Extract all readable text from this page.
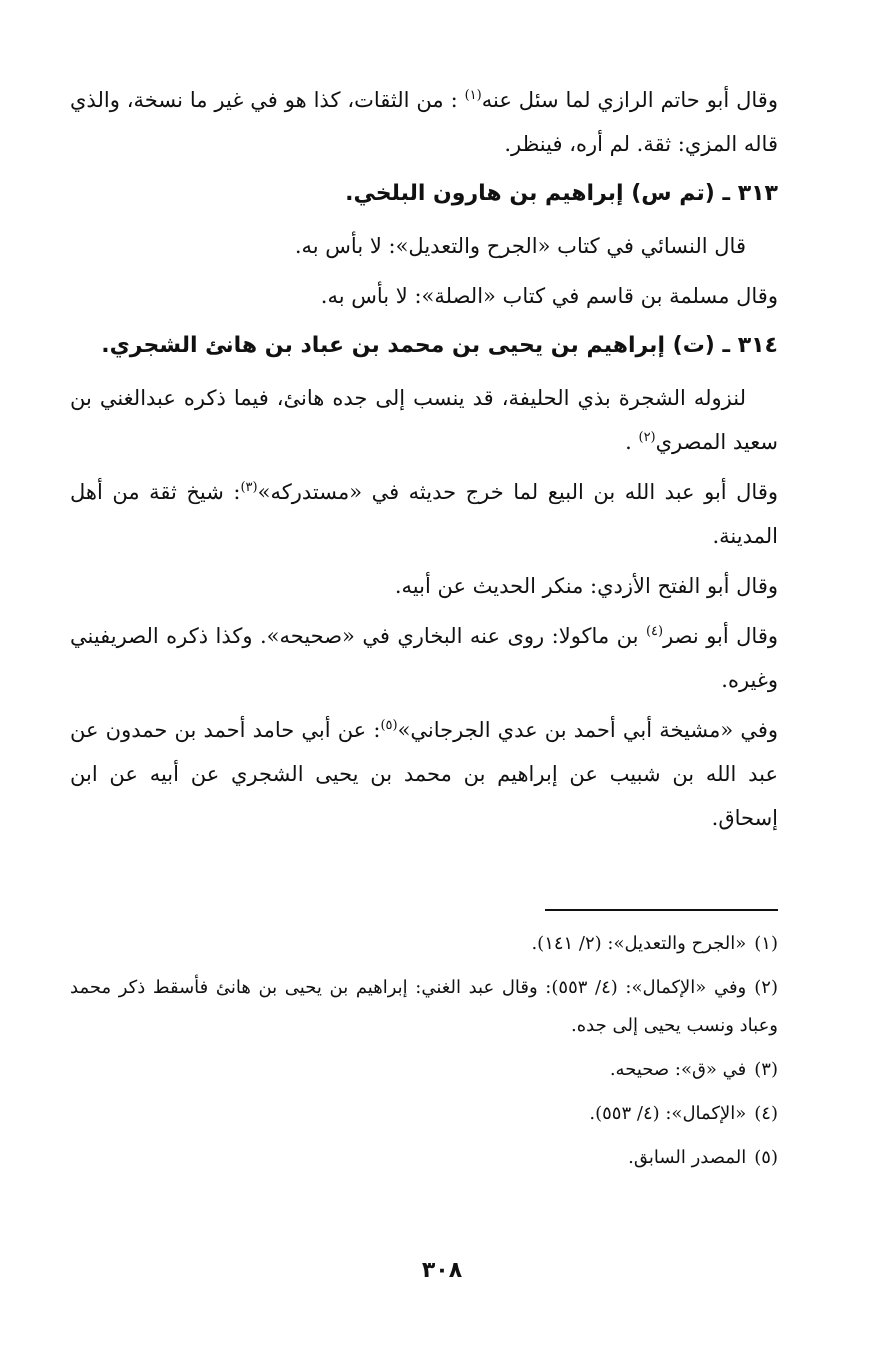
وقال أبو حاتم الرازي لما سئل عنه$^{(١)}$ : من الثقات، كذا هو في غير ما نسخة، والذي قاله المزي: ثقة. لم أره، فينظر.

٣١٣ ـ (تم س) إبراهيم بن هارون البلخي.

قال النسائي في كتاب «الجرح والتعديل»: لا بأس به.

وقال مسلمة بن قاسم في كتاب «الصلة»: لا بأس به.

٣١٤ ـ (ت) إبراهيم بن يحيى بن محمد بن عباد بن هانئ الشجري.

لنزوله الشجرة بذي الحليفة، قد ينسب إلى جده هانئ، فيما ذكره عبدالغني بن سعيد المصري$^{(٢)}$ .

وقال أبو عبد الله بن البيع لما خرج حديثه في «مستدركه»$^{(٣)}$: شيخ ثقة من أهل المدينة.

وقال أبو الفتح الأزدي: منكر الحديث عن أبيه.

وقال أبو نصر$^{(٤)}$ بن ماكولا: روى عنه البخاري في «صحيحه». وكذا ذكره الصريفيني وغيره.

وفي «مشيخة أبي أحمد بن عدي الجرجاني»$^{(٥)}$: عن أبي حامد أحمد بن حمدون عن عبد الله بن شبيب عن إبراهيم بن محمد بن يحيى الشجري عن أبيه عن ابن إسحاق.

(١)«الجرح والتعديل»: (٢/ ١٤١).

(٢)وفي «الإكمال»: (٤/ ٥٥٣): وقال عبد الغني: إبراهيم بن يحيى بن هانئ فأسقط ذكر محمد وعباد ونسب يحيى إلى جده.

(٣)في «ق»: صحيحه.

(٤)«الإكمال»: (٤/ ٥٥٣).

(٥)المصدر السابق.

٣٠٨
